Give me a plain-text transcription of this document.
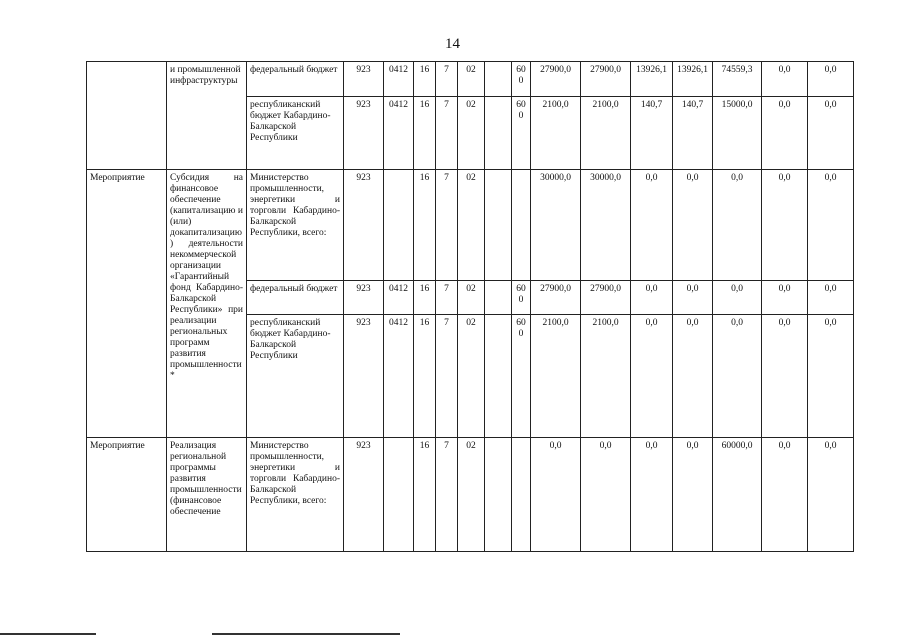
14
	и промышленной инфраструктуры	федеральный бюджет	923	0412	16	7	02		600	27900,0	27900,0	13926,1	13926,1	74559,3	0,0	0,0
		республиканский бюджет Кабардино-Балкарской Республики	923	0412	16	7	02		600	2100,0	2100,0	140,7	140,7	15000,0	0,0	0,0
Мероприятие	Субсидия на финансовое обеспечение (капитализацию и (или) докапитализацию) деятельности некоммерческой организации «Гарантийный фонд Кабардино-Балкарской Республики» при реализации региональных программ развития промышленности *	Министерство промышленности, энергетики и торговли Кабардино-Балкарской Республики, всего:	923		16	7	02			30000,0	30000,0	0,0	0,0	0,0	0,0	0,0
		федеральный бюджет	923	0412	16	7	02		600	27900,0	27900,0	0,0	0,0	0,0	0,0	0,0
		республиканский бюджет Кабардино-Балкарской Республики	923	0412	16	7	02		600	2100,0	2100,0	0,0	0,0	0,0	0,0	0,0
Мероприятие	Реализация региональной программы развития промышленности (финансовое обеспечение	Министерство промышленности, энергетики и торговли Кабардино-Балкарской Республики, всего:	923		16	7	02			0,0	0,0	0,0	0,0	60000,0	0,0	0,0
